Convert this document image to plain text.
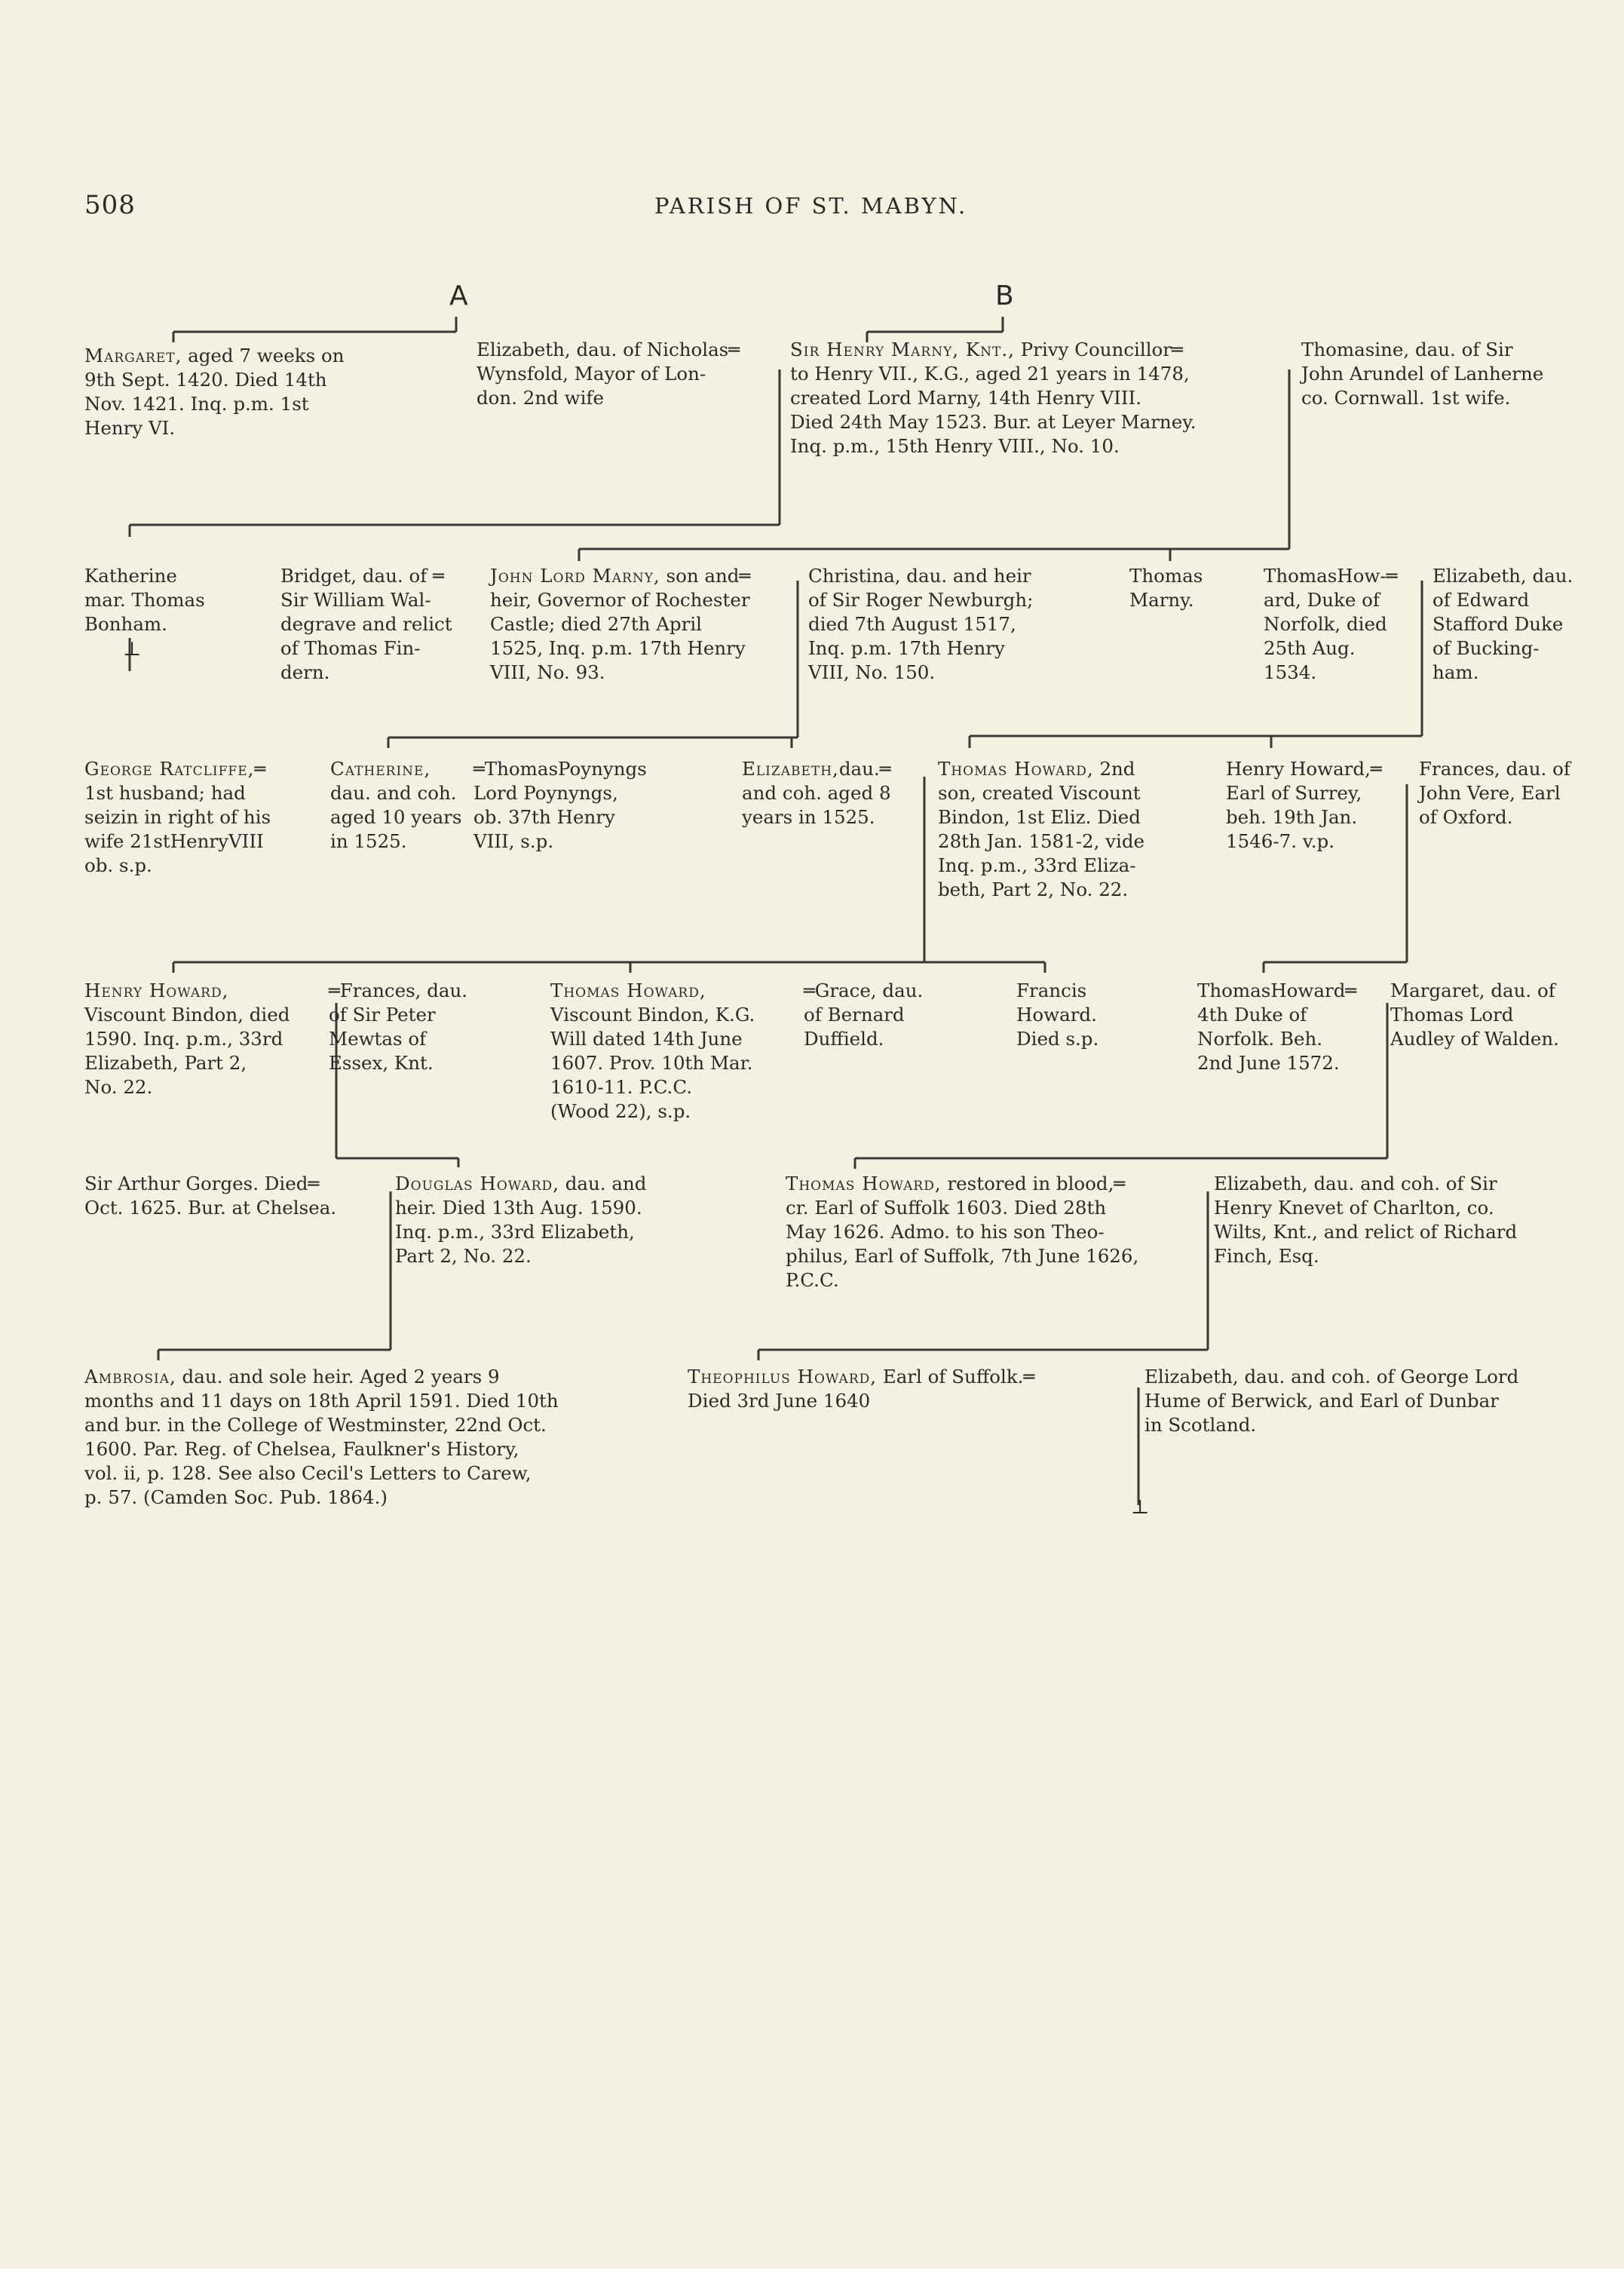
508	PARISH OF ST. MABYN.
A	B
Margaret, aged 7 weeks on
9th Sept. 1420. Died 14th
Nov. 1421. Inq. p.m. 1st
Henry VI.
Elizabeth, dau. of Nicholas═
Wynsfold, Mayor of Lon-
don. 2nd wife
Sir Henry Marny, Knt., Privy Councillor═
to Henry VII., K.G., aged 21 years in 1478,
created Lord Marny, 14th Henry VIII.
Died 24th May 1523. Bur. at Leyer Marney.
Inq. p.m., 15th Henry VIII., No. 10.
Thomasine, dau. of Sir
John Arundel of Lanherne
co. Cornwall. 1st wife.
Katherine
mar. Thomas
Bonham.
Bridget, dau. of ═
Sir William Wal-
degrave and relict
of Thomas Fin-
dern.
John Lord Marny, son and═
heir, Governor of Rochester
Castle; died 27th April
1525, Inq. p.m. 17th Henry
VIII, No. 93.
Christina, dau. and heir
of Sir Roger Newburgh;
died 7th August 1517,
Inq. p.m. 17th Henry
VIII, No. 150.
Thomas
Marny.
ThomasHow-═
ard, Duke of
Norfolk, died
25th Aug.
1534.
Elizabeth, dau.
of Edward
Stafford Duke
of Bucking-
ham.
George Ratcliffe,═
1st husband; had
seizin in right of his
wife 21stHenryVIII
ob. s.p.
Catherine,
dau. and coh.
aged 10 years
in 1525.
═ThomasPoynyngs
Lord Poynyngs,
ob. 37th Henry
VIII, s.p.
Elizabeth,dau.═
and coh. aged 8
years in 1525.
Thomas Howard, 2nd
son, created Viscount
Bindon, 1st Eliz. Died
28th Jan. 1581-2, vide
Inq. p.m., 33rd Eliza-
beth, Part 2, No. 22.
Henry Howard,═
Earl of Surrey,
beh. 19th Jan.
1546-7. v.p.
Frances, dau. of
John Vere, Earl
of Oxford.
Henry Howard,
Viscount Bindon, died
1590. Inq. p.m., 33rd
Elizabeth, Part 2,
No. 22.
═Frances, dau.
of Sir Peter
Mewtas of
Essex, Knt.
Thomas Howard,
Viscount Bindon, K.G.
Will dated 14th June
1607. Prov. 10th Mar.
1610-11. P.C.C.
(Wood 22), s.p.
═Grace, dau.
of Bernard
Duffield.
Francis
Howard.
Died s.p.
ThomasHoward═
4th Duke of
Norfolk. Beh.
2nd June 1572.
Margaret, dau. of
Thomas Lord
Audley of Walden.
Sir Arthur Gorges. Died═
Oct. 1625. Bur. at Chelsea.
Douglas Howard, dau. and
heir. Died 13th Aug. 1590.
Inq. p.m., 33rd Elizabeth,
Part 2, No. 22.
Thomas Howard, restored in blood,═
cr. Earl of Suffolk 1603. Died 28th
May 1626. Admo. to his son Theo-
philus, Earl of Suffolk, 7th June 1626,
P.C.C.
Elizabeth, dau. and coh. of Sir
Henry Knevet of Charlton, co.
Wilts, Knt., and relict of Richard
Finch, Esq.
Ambrosia, dau. and sole heir. Aged 2 years 9
months and 11 days on 18th April 1591. Died 10th
and bur. in the College of Westminster, 22nd Oct.
1600. Par. Reg. of Chelsea, Faulkner's History,
vol. ii, p. 128. See also Cecil's Letters to Carew,
p. 57. (Camden Soc. Pub. 1864.)
Theophilus Howard, Earl of Suffolk.═
Died 3rd June 1640
Elizabeth, dau. and coh. of George Lord
Hume of Berwick, and Earl of Dunbar
in Scotland.
⊥
⊥
